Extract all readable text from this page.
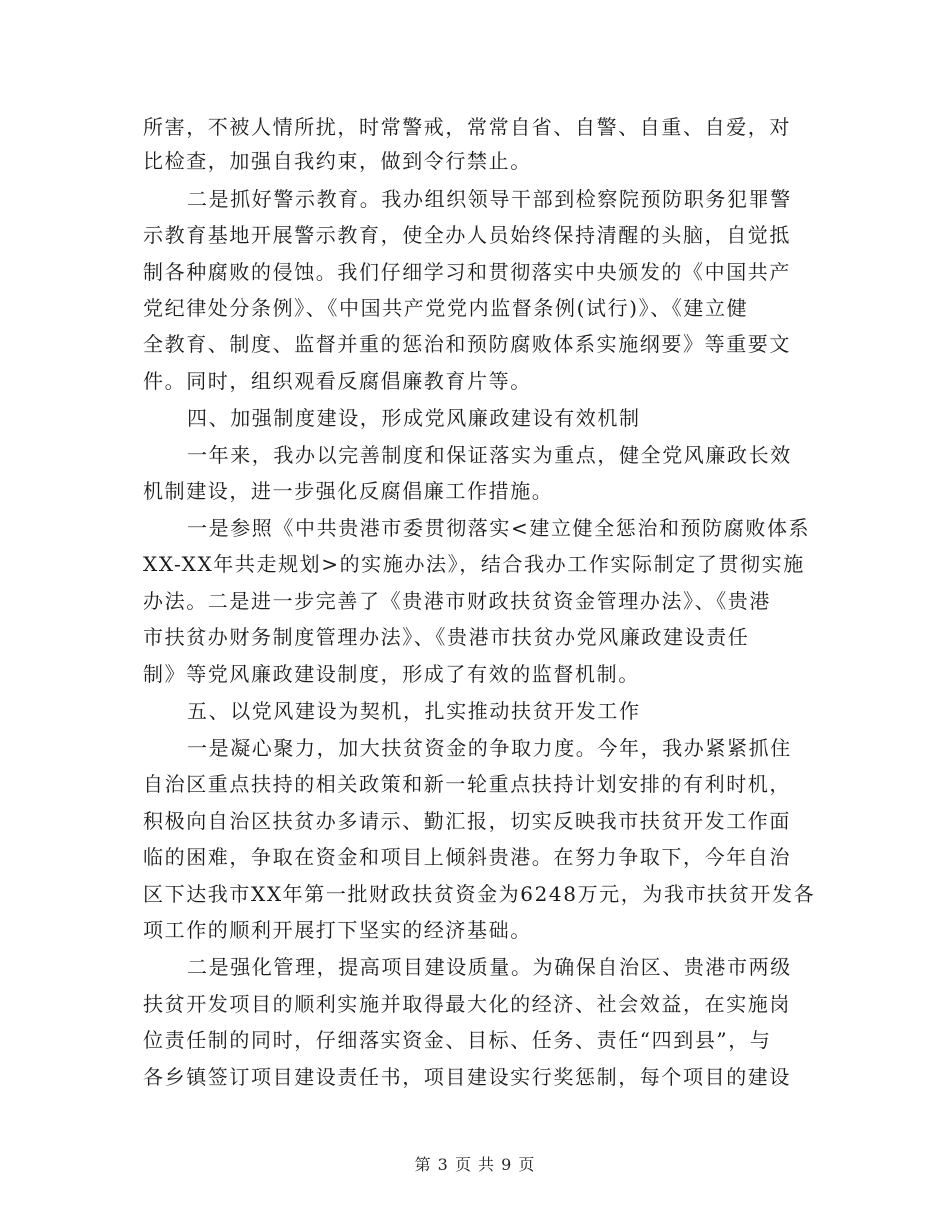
所害，不被人情所扰，时常警戒，常常自省、自警、自重、自爱，对
比检查，加强自我约束，做到令行禁止。
二是抓好警示教育。我办组织领导干部到检察院预防职务犯罪警
示教育基地开展警示教育，使全办人员始终保持清醒的头脑，自觉抵
制各种腐败的侵蚀。我们仔细学习和贯彻落实中央颁发的《中国共产
党纪律处分条例》、《中国共产党党内监督条例(试行)》、《建立健
全教育、制度、监督并重的惩治和预防腐败体系实施纲要》等重要文
件。同时，组织观看反腐倡廉教育片等。
四、加强制度建设，形成党风廉政建设有效机制
一年来，我办以完善制度和保证落实为重点，健全党风廉政长效
机制建设，进一步强化反腐倡廉工作措施。
一是参照《中共贵港市委贯彻落实<建立健全惩治和预防腐败体系
XX-XX年共走规划>的实施办法》，结合我办工作实际制定了贯彻实施
办法。二是进一步完善了《贵港市财政扶贫资金管理办法》、《贵港
市扶贫办财务制度管理办法》、《贵港市扶贫办党风廉政建设责任
制》等党风廉政建设制度，形成了有效的监督机制。
五、以党风建设为契机，扎实推动扶贫开发工作
一是凝心聚力，加大扶贫资金的争取力度。今年，我办紧紧抓住
自治区重点扶持的相关政策和新一轮重点扶持计划安排的有利时机，
积极向自治区扶贫办多请示、勤汇报，切实反映我市扶贫开发工作面
临的困难，争取在资金和项目上倾斜贵港。在努力争取下，今年自治
区下达我市XX年第一批财政扶贫资金为6248万元，为我市扶贫开发各
项工作的顺利开展打下坚实的经济基础。
二是强化管理，提高项目建设质量。为确保自治区、贵港市两级
扶贫开发项目的顺利实施并取得最大化的经济、社会效益，在实施岗
位责任制的同时，仔细落实资金、目标、任务、责任“四到县”，与
各乡镇签订项目建设责任书，项目建设实行奖惩制，每个项目的建设
第 3 页 共 9 页
